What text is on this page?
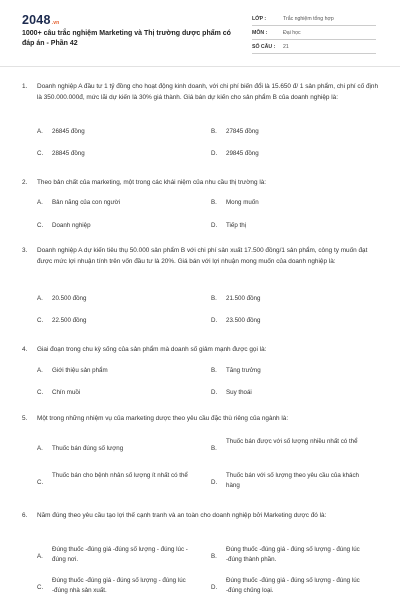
2048.vn
1000+ câu trắc nghiệm Marketing và Thị trường dược phẩm có đáp án - Phần 42
LỚP :	Trắc nghiệm tổng hợp
MÔN :	Đại học
SỐ CÂU : 21
1. Doanh nghiệp A đầu tư 1 tỷ đồng cho hoạt động kinh doanh, với chi phí biến đổi là 15.650 đ/ 1 sản phẩm, chi phí cố định là 350.000.000đ, mức lãi dự kiến là 30% giá thành. Giá bán dự kiến cho sản phẩm B của doanh nghiệp là:
A. 26845 đồng	B. 27845 đồng
C. 28845 đồng	D. 29845 đồng
2. Theo bản chất của marketing, một trong các khái niệm của nhu cầu thị trường là:
A. Bản năng của con người	B. Mong muốn
C. Doanh nghiệp	D. Tiếp thị
3. Doanh nghiệp A dự kiến tiêu thụ 50.000 sản phẩm B với chi phí sản xuất 17.500 đồng/1 sản phẩm, công ty muốn đạt được mức lợi nhuận tính trên vốn đầu tư là 20%. Giá bán với lợi nhuận mong muốn của doanh nghiệp là:
A. 20.500 đồng	B. 21.500 đồng
C. 22.500 đồng	D. 23.500 đồng
4. Giai đoạn trong chu kỳ sống của sản phẩm mà doanh số giảm mạnh được gọi là:
A. Giới thiệu sản phẩm	B. Tăng trưởng
C. Chín muồi	D. Suy thoái
5. Một trong những nhiệm vụ của marketing dược theo yêu cầu đặc thù riêng của ngành là:
A. Thuốc bán đúng số lượng	B.
Thuốc bán được với số lượng nhiều nhất có thể
C.
Thuốc bán cho bệnh nhân số lượng ít nhất có thể
D.
Thuốc bán với số lượng theo yêu cầu của khách hàng
6. Năm đúng theo yêu cầu tạo lợi thế cạnh tranh và an toàn cho doanh nghiệp bởi Marketing dược đó là:
A.
Đúng thuốc -đúng giá -đúng số lượng - đúng lúc - đúng nơi.	B.
Đúng thuốc -đúng giá - đúng số lượng - đúng lúc -đúng thành phần.
C.
Đúng thuốc -đúng giá - đúng số lượng - đúng lúc -đúng nhà sản xuất.	D.
Đúng thuốc -đúng giá - đúng số lượng - đúng lúc -đúng chủng loại.
